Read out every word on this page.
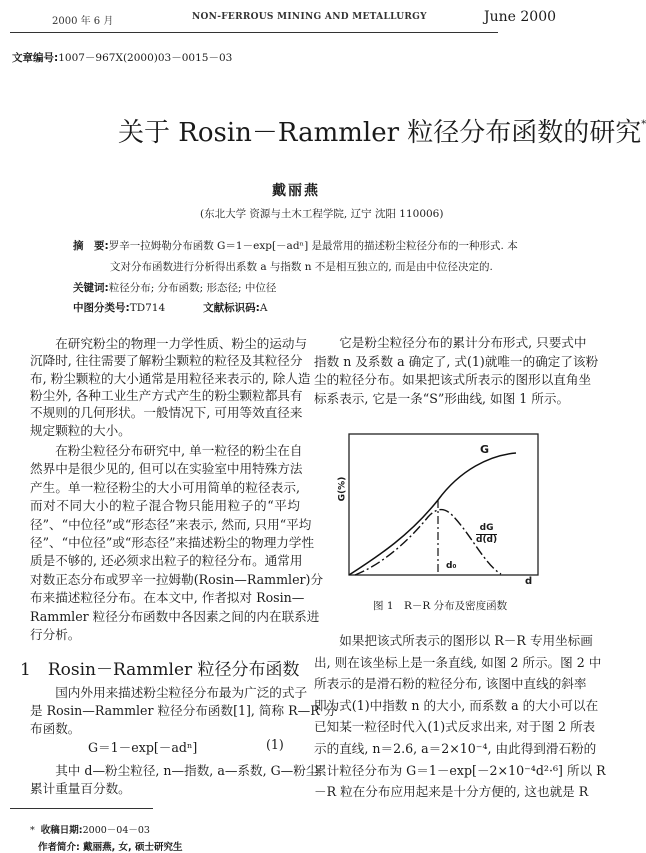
2000 年 6 月	NON-FERROUS MINING AND METALLURGY	June 2000
文章编号:1007－967X(2000)03－0015－03
关于 Rosin－Rammler 粒径分布函数的研究*
戴丽燕
(东北大学 资源与土木工程学院, 辽宁 沈阳 110006)
摘　要:罗辛一拉姆勒分布函数 G＝1－exp[－adⁿ] 是最常用的描述粉尘粒径分布的一种形式. 本
文对分布函数进行分析得出系数 a 与指数 n 不是相互独立的, 而是由中位径决定的.
关键词:粒径分布; 分布函数; 形态径; 中位径
中图分类号:TD714	文献标识码:A
　　在研究粉尘的物理一力学性质、粉尘的运动与
沉降时, 往往需要了解粉尘颗粒的粒径及其粒径分
布, 粉尘颗粒的大小通常是用粒径来表示的, 除人造
粉尘外, 各种工业生产方式产生的粉尘颗粒都具有
不规则的几何形状。一般情况下, 可用等效直径来
规定颗粒的大小。
　　在粉尘粒径分布研究中, 单一粒径的粉尘在自
然界中是很少见的, 但可以在实验室中用特殊方法
产生。单一粒径粉尘的大小可用简单的粒径表示,
而对不同大小的粒子混合物只能用粒子的“平均
径”、“中位径”或“形态径”来表示, 然而, 只用“平均
径”、“中位径”或“形态径”来描述粉尘的物理力学性
质是不够的, 还必须求出粒子的粒径分布。通常用
对数正态分布或罗辛一拉姆勒(Rosin—Rammler)分
布来描述粒径分布。在本文中, 作者拟对 Rosin—
Rammler 粒径分布函数中各因素之间的内在联系进
行分析。
1　Rosin－Rammler 粒径分布函数
　　国内外用来描述粉尘粒径分布最为广泛的式子
是 Rosin—Rammler 粒径分布函数[1], 简称 R—R 分
布函数。
G＝1－exp[－adⁿ]	(1)
　　其中 d—粉尘粒径, n—指数, a—系数, G—粉尘
累计重量百分数。
* 收稿日期:2000－04－03
作者简介: 戴丽燕, 女, 硕士研究生
　　它是粉尘粒径分布的累计分布形式, 只要式中
指数 n 及系数 a 确定了, 式(1)就唯一的确定了该粉
尘的粒径分布。如果把该式所表示的图形以直角坐
标系表示, 它是一条“S”形曲线, 如图 1 所示。
G(%)
G
dG
d(d)
d₀
d
图 1　R－R 分布及密度函数
　　如果把该式所表示的图形以 R－R 专用坐标画
出, 则在该坐标上是一条直线, 如图 2 所示。图 2 中
所表示的是滑石粉的粒径分布, 该图中直线的斜率
即为式(1)中指数 n 的大小, 而系数 a 的大小可以在
已知某一粒径时代入(1)式反求出来, 对于图 2 所表
示的直线, n＝2.6, a＝2×10⁻⁴, 由此得到滑石粉的
累计粒径分布为 G＝1－exp[－2×10⁻⁴d²·⁶] 所以 R
－R 粒在分布应用起来是十分方便的, 这也就是 R
